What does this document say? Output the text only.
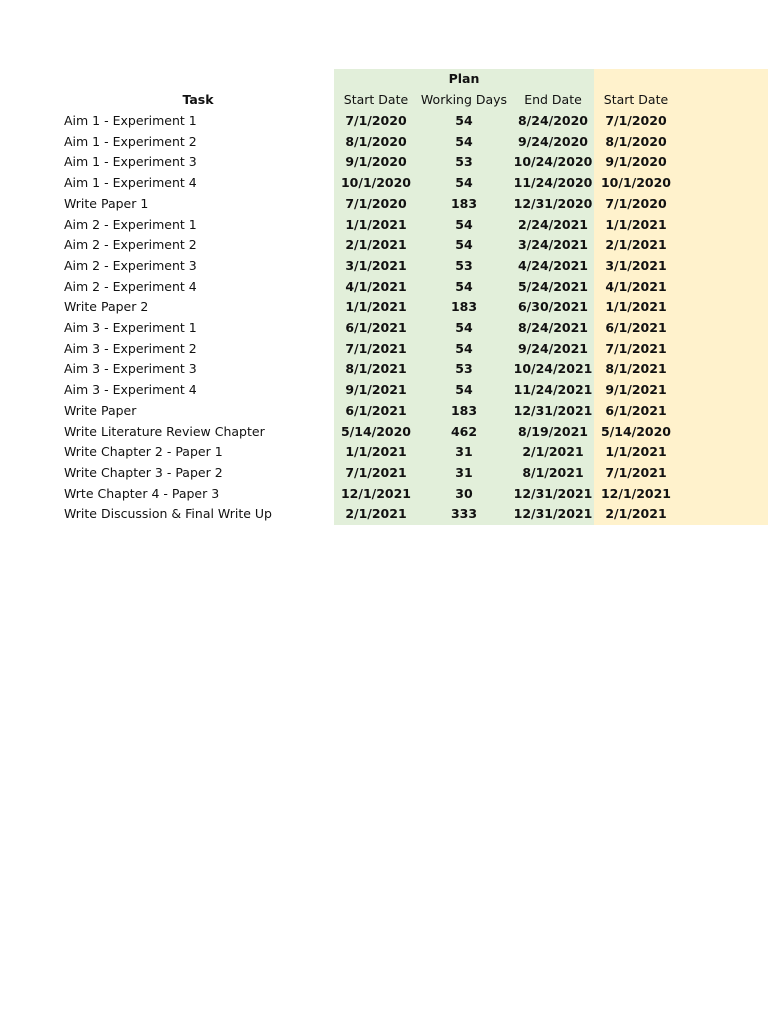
Plan
Task	Start Date	Working Days	End Date	Start Date
Aim 1 - Experiment 1	7/1/2020	54	8/24/2020	7/1/2020
Aim 1 - Experiment 2	8/1/2020	54	9/24/2020	8/1/2020
Aim 1 - Experiment 3	9/1/2020	53	10/24/2020	9/1/2020
Aim 1 - Experiment 4	10/1/2020	54	11/24/2020 10/1/2020
Write Paper 1	7/1/2020	183	12/31/2020	7/1/2020
Aim 2 - Experiment 1	1/1/2021	54	2/24/2021	1/1/2021
Aim 2 - Experiment 2	2/1/2021	54	3/24/2021	2/1/2021
Aim 2 - Experiment 3	3/1/2021	53	4/24/2021	3/1/2021
Aim 2 - Experiment 4	4/1/2021	54	5/24/2021	4/1/2021
Write Paper 2	1/1/2021	183	6/30/2021	1/1/2021
Aim 3 - Experiment 1	6/1/2021	54	8/24/2021	6/1/2021
Aim 3 - Experiment 2	7/1/2021	54	9/24/2021	7/1/2021
Aim 3 - Experiment 3	8/1/2021	53	10/24/2021	8/1/2021
Aim 3 - Experiment 4	9/1/2021	54	11/24/2021	9/1/2021
Write Paper	6/1/2021	183	12/31/2021	6/1/2021
Write Literature Review Chapter	5/14/2020	462	8/19/2021	5/14/2020
Write Chapter 2 - Paper 1	1/1/2021	31	2/1/2021	1/1/2021
Write Chapter 3 - Paper 2	7/1/2021	31	8/1/2021	7/1/2021
Wrte Chapter 4 - Paper 3	12/1/2021	30	12/31/2021 12/1/2021
Write Discussion & Final Write Up	2/1/2021	333	12/31/2021	2/1/2021
